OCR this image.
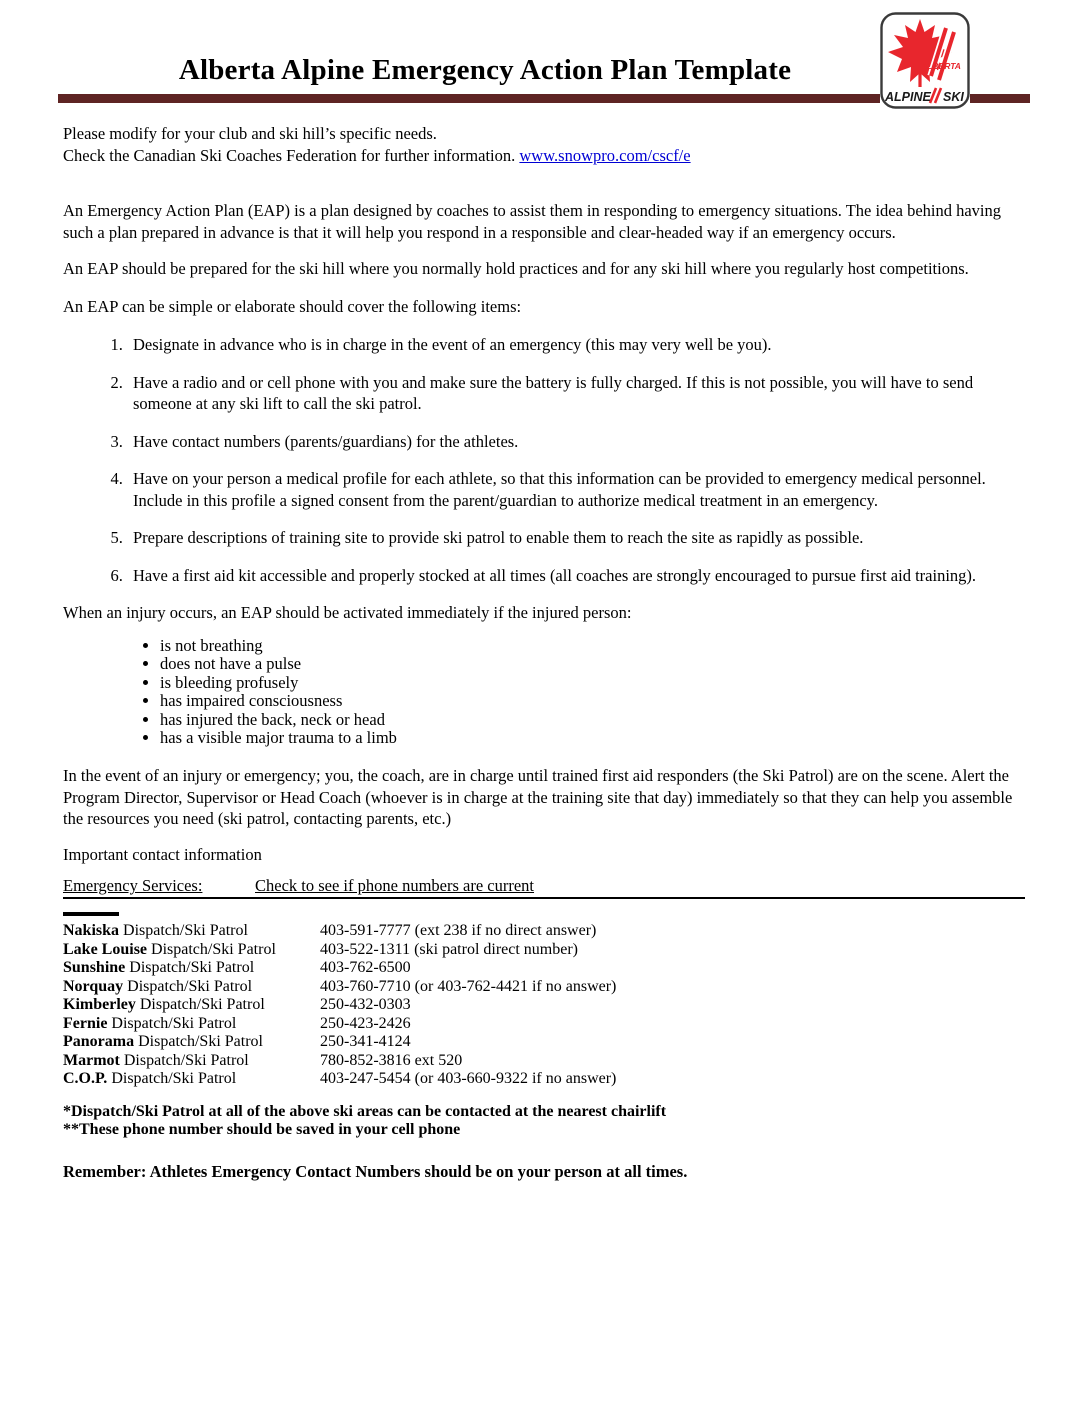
Alberta Alpine Emergency Action Plan Template	ALBERTA
ALPINE SKI

Please modify for your club and ski hill’s specific needs.
Check the Canadian Ski Coaches Federation for further information. www.snowpro.com/cscf/e

An Emergency Action Plan (EAP) is a plan designed by coaches to assist them in responding to emergency situations. The idea behind having such a plan prepared in advance is that it will help you respond in a responsible and clear-headed way if an emergency occurs.

An EAP should be prepared for the ski hill where you normally hold practices and for any ski hill where you regularly host competitions.

An EAP can be simple or elaborate should cover the following items:

1. Designate in advance who is in charge in the event of an emergency (this may very well be you).
2. Have a radio and or cell phone with you and make sure the battery is fully charged. If this is not possible, you will have to send someone at any ski lift to call the ski patrol.
3. Have contact numbers (parents/guardians) for the athletes.
4. Have on your person a medical profile for each athlete, so that this information can be provided to emergency medical personnel. Include in this profile a signed consent from the parent/guardian to authorize medical treatment in an emergency.
5. Prepare descriptions of training site to provide ski patrol to enable them to reach the site as rapidly as possible.
6. Have a first aid kit accessible and properly stocked at all times (all coaches are strongly encouraged to pursue first aid training).

When an injury occurs, an EAP should be activated immediately if the injured person:

• is not breathing
• does not have a pulse
• is bleeding profusely
• has impaired consciousness
• has injured the back, neck or head
• has a visible major trauma to a limb

In the event of an injury or emergency; you, the coach, are in charge until trained first aid responders (the Ski Patrol) are on the scene. Alert the Program Director, Supervisor or Head Coach (whoever is in charge at the training site that day) immediately so that they can help you assemble the resources you need (ski patrol, contacting parents, etc.)

Important contact information

Emergency Services:	Check to see if phone numbers are current
Nakiska Dispatch/Ski Patrol	403-591-7777 (ext 238 if no direct answer)
Lake Louise Dispatch/Ski Patrol	403-522-1311 (ski patrol direct number)
Sunshine Dispatch/Ski Patrol	403-762-6500
Norquay Dispatch/Ski Patrol	403-760-7710 (or 403-762-4421 if no answer)
Kimberley Dispatch/Ski Patrol	250-432-0303
Fernie Dispatch/Ski Patrol	250-423-2426
Panorama Dispatch/Ski Patrol	250-341-4124
Marmot Dispatch/Ski Patrol	780-852-3816 ext 520
C.O.P. Dispatch/Ski Patrol	403-247-5454 (or 403-660-9322 if no answer)

*Dispatch/Ski Patrol at all of the above ski areas can be contacted at the nearest chairlift

**These phone number should be saved in your cell phone

Remember: Athletes Emergency Contact Numbers should be on your person at all times.
